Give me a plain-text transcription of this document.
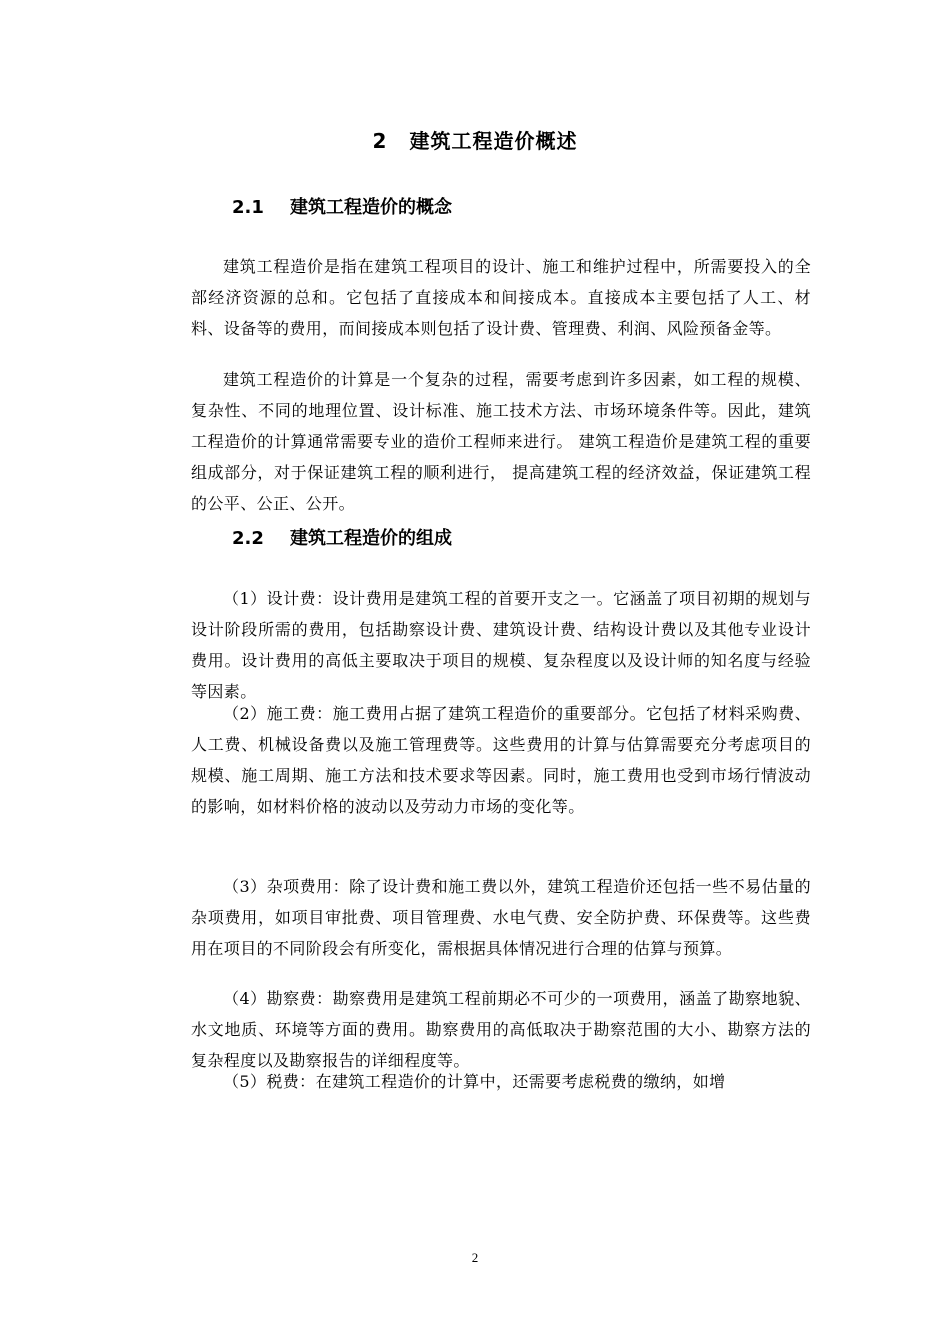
2 建筑工程造价概述
2.1 建筑工程造价的概念

建筑工程造价是指在建筑工程项目的设计、施工和维护过程中，所需要投入的全部经济资源的总和。它包括了直接成本和间接成本。直接成本主要包括了人工、材料、设备等的费用，而间接成本则包括了设计费、管理费、利润、风险预备金等。

建筑工程造价的计算是一个复杂的过程，需要考虑到许多因素，如工程的规模、复杂性、不同的地理位置、设计标准、施工技术方法、市场环境条件等。因此，建筑工程造价的计算通常需要专业的造价工程师来进行。 建筑工程造价是建筑工程的重要组成部分，对于保证建筑工程的顺利进行， 提高建筑工程的经济效益，保证建筑工程的公平、公正、公开。

2.2 建筑工程造价的组成

（1）设计费：设计费用是建筑工程的首要开支之一。它涵盖了项目初期的规划与设计阶段所需的费用，包括勘察设计费、建筑设计费、结构设计费以及其他专业设计费用。设计费用的高低主要取决于项目的规模、复杂程度以及设计师的知名度与经验等因素。

（2）施工费：施工费用占据了建筑工程造价的重要部分。它包括了材料采购费、人工费、机械设备费以及施工管理费等。这些费用的计算与估算需要充分考虑项目的规模、施工周期、施工方法和技术要求等因素。同时，施工费用也受到市场行情波动的影响，如材料价格的波动以及劳动力市场的变化等。

（3）杂项费用：除了设计费和施工费以外，建筑工程造价还包括一些不易估量的杂项费用，如项目审批费、项目管理费、水电气费、安全防护费、环保费等。这些费用在项目的不同阶段会有所变化，需根据具体情况进行合理的估算与预算。

（4）勘察费：勘察费用是建筑工程前期必不可少的一项费用，涵盖了勘察地貌、水文地质、环境等方面的费用。勘察费用的高低取决于勘察范围的大小、勘察方法的复杂程度以及勘察报告的详细程度等。

（5）税费：在建筑工程造价的计算中，还需要考虑税费的缴纳，如增

2
